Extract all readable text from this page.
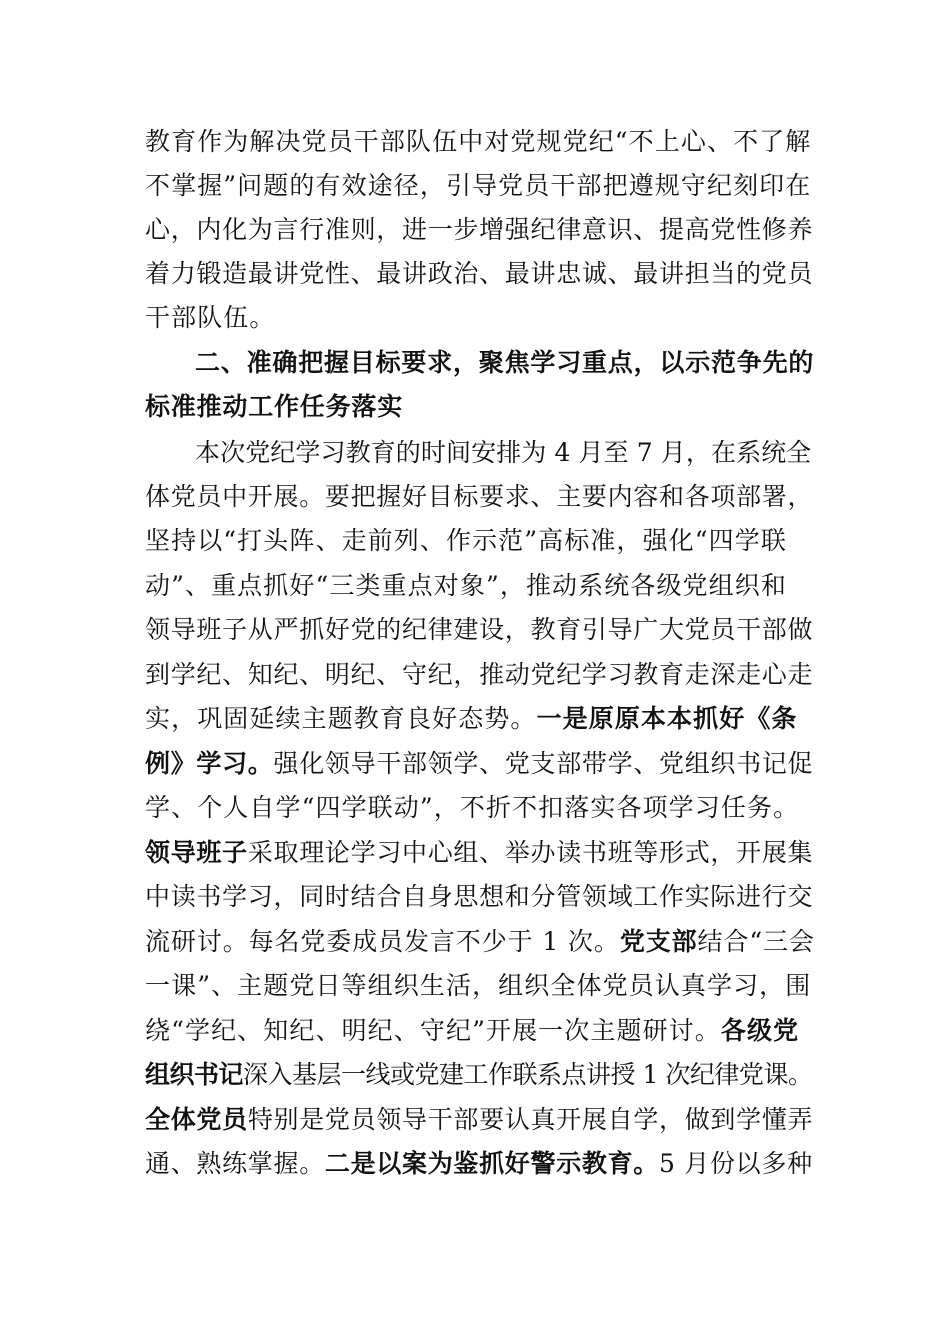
教育作为解决党员干部队伍中对党规党纪“不上心、不了解
不掌握”问题的有效途径，引导党员干部把遵规守纪刻印在
心，内化为言行准则，进一步增强纪律意识、提高党性修养
着力锻造最讲党性、最讲政治、最讲忠诚、最讲担当的党员
干部队伍。
二、准确把握目标要求，聚焦学习重点，以示范争先的
标准推动工作任务落实
本次党纪学习教育的时间安排为 4 月至 7 月，在系统全
体党员中开展。要把握好目标要求、主要内容和各项部署，
坚持以“打头阵、走前列、作示范”高标准，强化“四学联
动”、重点抓好“三类重点对象”，推动系统各级党组织和
领导班子从严抓好党的纪律建设，教育引导广大党员干部做
到学纪、知纪、明纪、守纪，推动党纪学习教育走深走心走
实，巩固延续主题教育良好态势。一是原原本本抓好《条
例》学习。强化领导干部领学、党支部带学、党组织书记促
学、个人自学“四学联动”，不折不扣落实各项学习任务。
领导班子采取理论学习中心组、举办读书班等形式，开展集
中读书学习，同时结合自身思想和分管领域工作实际进行交
流研讨。每名党委成员发言不少于 1 次。党支部结合“三会
一课”、主题党日等组织生活，组织全体党员认真学习，围
绕“学纪、知纪、明纪、守纪”开展一次主题研讨。各级党
组织书记深入基层一线或党建工作联系点讲授 1 次纪律党课。
全体党员特别是党员领导干部要认真开展自学，做到学懂弄
通、熟练掌握。二是以案为鉴抓好警示教育。5 月份以多种
